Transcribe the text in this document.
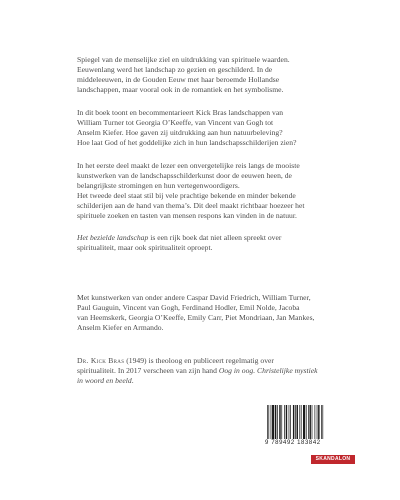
Spiegel van de menselijke ziel en uitdrukking van spirituele waarden.
Eeuwenlang werd het landschap zo gezien en geschilderd. In de
middeleeuwen, in de Gouden Eeuw met haar beroemde Hollandse
landschappen, maar vooral ook in de romantiek en het symbolisme.

In dit boek toont en becommentarieert Kick Bras landschappen van
William Turner tot Georgia O’Keeffe, van Vincent van Gogh tot
Anselm Kiefer. Hoe gaven zij uitdrukking aan hun natuurbeleving?
Hoe laat God of het goddelijke zich in hun landschapsschilderijen zien?

In het eerste deel maakt de lezer een onvergetelijke reis langs de mooiste
kunstwerken van de landschapsschilderkunst door de eeuwen heen, de
belangrijkste stromingen en hun vertegenwoordigers.
Het tweede deel staat stil bij vele prachtige bekende en minder bekende
schilderijen aan de hand van thema’s. Dit deel maakt richtbaar hoezeer het
spirituele zoeken en tasten van mensen respons kan vinden in de natuur.

Het bezielde landschap is een rijk boek dat niet alleen spreekt over
spiritualiteit, maar ook spiritualiteit oproept.

Met kunstwerken van onder andere Caspar David Friedrich, William Turner,
Paul Gauguin, Vincent van Gogh, Ferdinand Hodler, Emil Nolde, Jacoba
van Heemskerk, Georgia O’Keeffe, Emily Carr, Piet Mondriaan, Jan Mankes,
Anselm Kiefer en Armando.

Dr. Kick Bras (1949) is theoloog en publiceert regelmatig over
spiritualiteit. In 2017 verscheen van zijn hand Oog in oog. Christelijke mystiek
in woord en beeld.

9 789492 183842
SKANDALON
